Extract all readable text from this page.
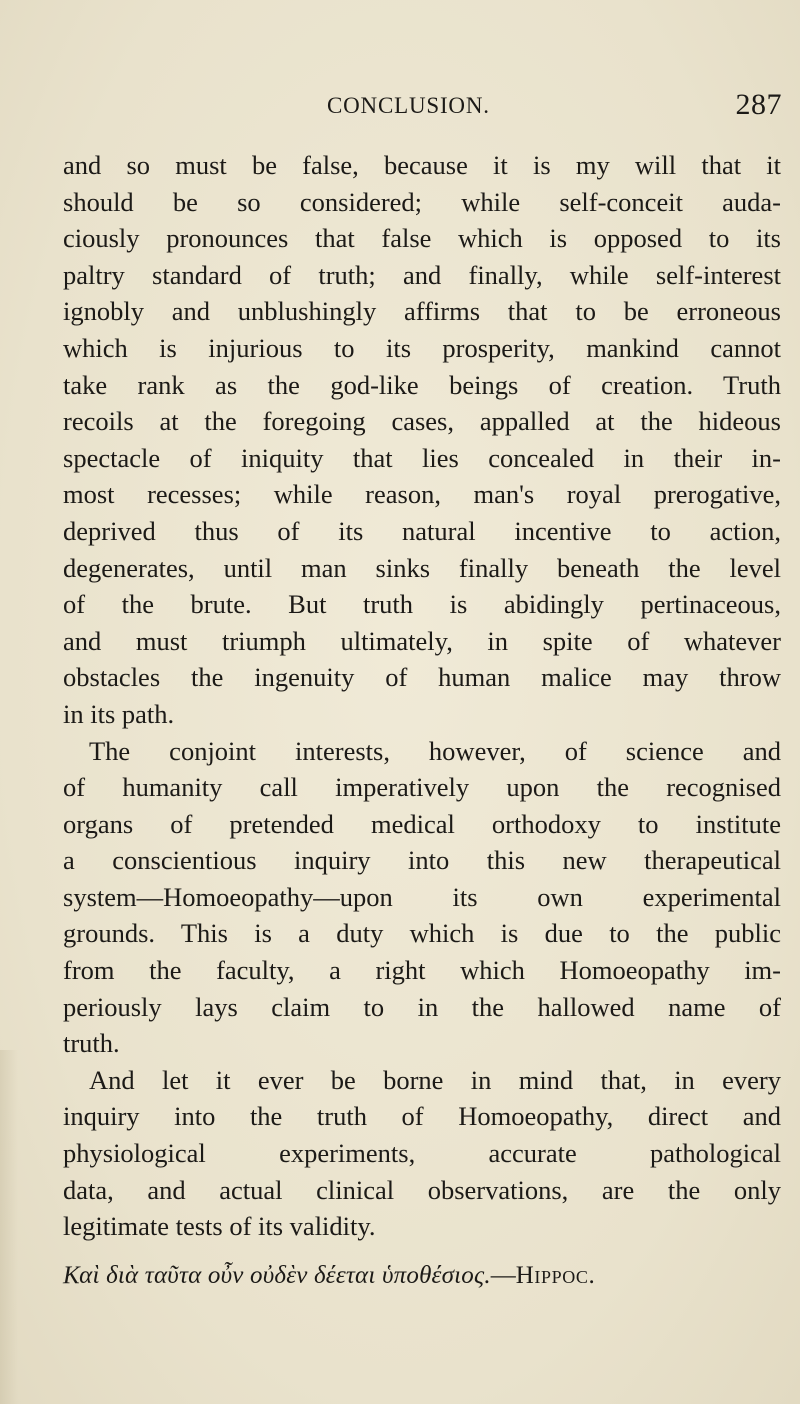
CONCLUSION.	287
and so must be false, because it is my will that it
should be so considered; while self-conceit auda-
ciously pronounces that false which is opposed to its
paltry standard of truth; and finally, while self-interest
ignobly and unblushingly affirms that to be erroneous
which is injurious to its prosperity, mankind cannot
take rank as the god-like beings of creation. Truth
recoils at the foregoing cases, appalled at the hideous
spectacle of iniquity that lies concealed in their in-
most recesses; while reason, man's royal prerogative,
deprived thus of its natural incentive to action,
degenerates, until man sinks finally beneath the level
of the brute. But truth is abidingly pertinaceous,
and must triumph ultimately, in spite of whatever
obstacles the ingenuity of human malice may throw
in its path.
The conjoint interests, however, of science and
of humanity call imperatively upon the recognised
organs of pretended medical orthodoxy to institute
a conscientious inquiry into this new therapeutical
system—Homoeopathy—upon its own experimental
grounds. This is a duty which is due to the public
from the faculty, a right which Homoeopathy im-
periously lays claim to in the hallowed name of
truth.
And let it ever be borne in mind that, in every
inquiry into the truth of Homoeopathy, direct and
physiological experiments, accurate pathological
data, and actual clinical observations, are the only
legitimate tests of its validity.
Καὶ διὰ ταῦτα οὖν οὐδὲν δέεται ὑποθέσιος.—Hippoc.
